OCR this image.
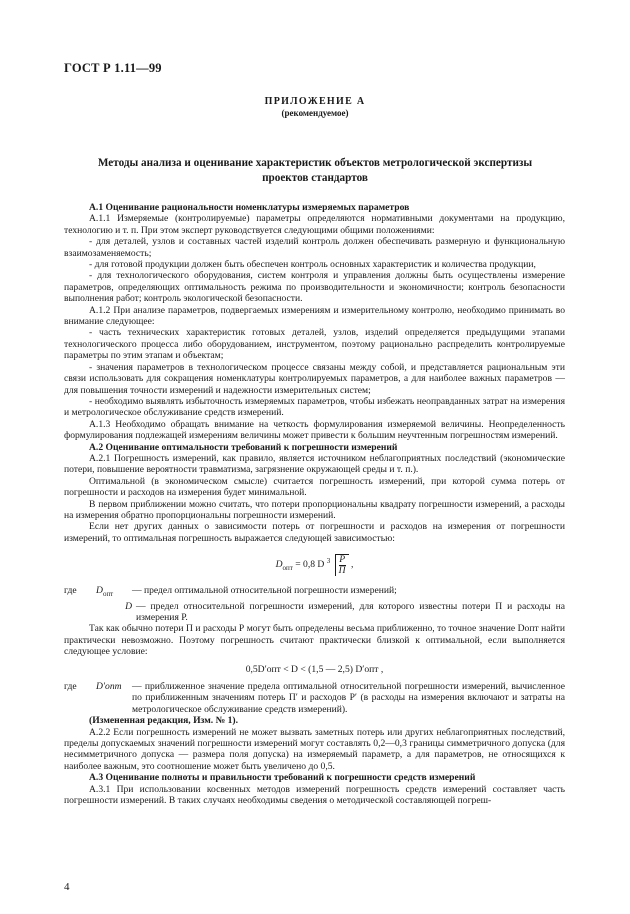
ГОСТ Р 1.11—99
ПРИЛОЖЕНИЕ А
(рекомендуемое)
Методы анализа и оценивание характеристик объектов метрологической экспертизы проектов стандартов
А.1 Оценивание рациональности номенклатуры измеряемых параметров

А.1.1 Измеряемые (контролируемые) параметры определяются нормативными документами на продукцию, технологию и т. п. При этом эксперт руководствуется следующими общими положениями:

- для деталей, узлов и составных частей изделий контроль должен обеспечивать размерную и функциональную взаимозаменяемость;

- для готовой продукции должен быть обеспечен контроль основных характеристик и количества продукции,

- для технологического оборудования, систем контроля и управления должны быть осуществлены измерение параметров, определяющих оптимальность режима по производительности и экономичности; контроль безопасности выполнения работ; контроль экологической безопасности.

А.1.2 При анализе параметров, подвергаемых измерениям и измерительному контролю, необходимо принимать во внимание следующее:

- часть технических характеристик готовых деталей, узлов, изделий определяется предыдущими этапами технологического процесса либо оборудованием, инструментом, поэтому рационально распределить контролируемые параметры по этим этапам и объектам;

- значения параметров в технологическом процессе связаны между собой, и представляется рациональным эти связи использовать для сокращения номенклатуры контролируемых параметров, а для наиболее важных параметров — для повышения точности измерений и надежности измерительных систем;

- необходимо выявлять избыточность измеряемых параметров, чтобы избежать неоправданных затрат на измерения и метрологическое обслуживание средств измерений.

А.1.3 Необходимо обращать внимание на четкость формулирования измеряемой величины. Неопределенность формулирования подлежащей измерениям величины может привести к большим неучтенным погрешностям измерений.

А.2 Оценивание оптимальности требований к погрешности измерений

А.2.1 Погрешность измерений, как правило, является источником неблагоприятных последствий (экономические потери, повышение вероятности травматизма, загрязнение окружающей среды и т. п.).

Оптимальной (в экономическом смысле) считается погрешность измерений, при которой сумма потерь от погрешности и расходов на измерения будет минимальной.

В первом приближении можно считать, что потери пропорциональны квадрату погрешности измерений, а расходы на измерения обратно пропорциональны погрешности измерений.

Если нет других данных о зависимости потерь от погрешности и расходов на измерения от погрешности измерений, то оптимальная погрешность выражается следующей зависимостью:

$D_{опт} = 0,8$ D $^3 \frac{P}{П}$ ,
где	$D_{опт}$	— предел оптимальной относительной погрешности измерений;
D — предел относительной погрешности измерений, для которого известны потери П и расходы на измерения Р.

Так как обычно потери П и расходы Р могут быть определены весьма приближенно, то точное значение Dопт найти практически невозможно. Поэтому погрешность считают практически близкой к оптимальной, если выполняется следующее условие:

0,5D′опт < D < (1,5 — 2,5) D′опт ,
где	D′опт	— приближенное значение предела оптимальной относительной погрешности измерений, вычисленное по приближенным значениям потерь П′ и расходов Р′ (в расходы на измерения включают и затраты на метрологическое обслуживание средств измерений).

(Измененная редакция, Изм. № 1).

А.2.2 Если погрешность измерений не может вызвать заметных потерь или других неблагоприятных последствий, пределы допускаемых значений погрешности измерений могут составлять 0,2—0,3 границы симметричного допуска (для несимметричного допуска — размера поля допуска) на измеряемый параметр, а для параметров, не относящихся к наиболее важным, это соотношение может быть увеличено до 0,5.

А.3 Оценивание полноты и правильности требований к погрешности средств измерений

А.3.1 При использовании косвенных методов измерений погрешность средств измерений составляет часть погрешности измерений. В таких случаях необходимы сведения о методической составляющей погреш-

4
